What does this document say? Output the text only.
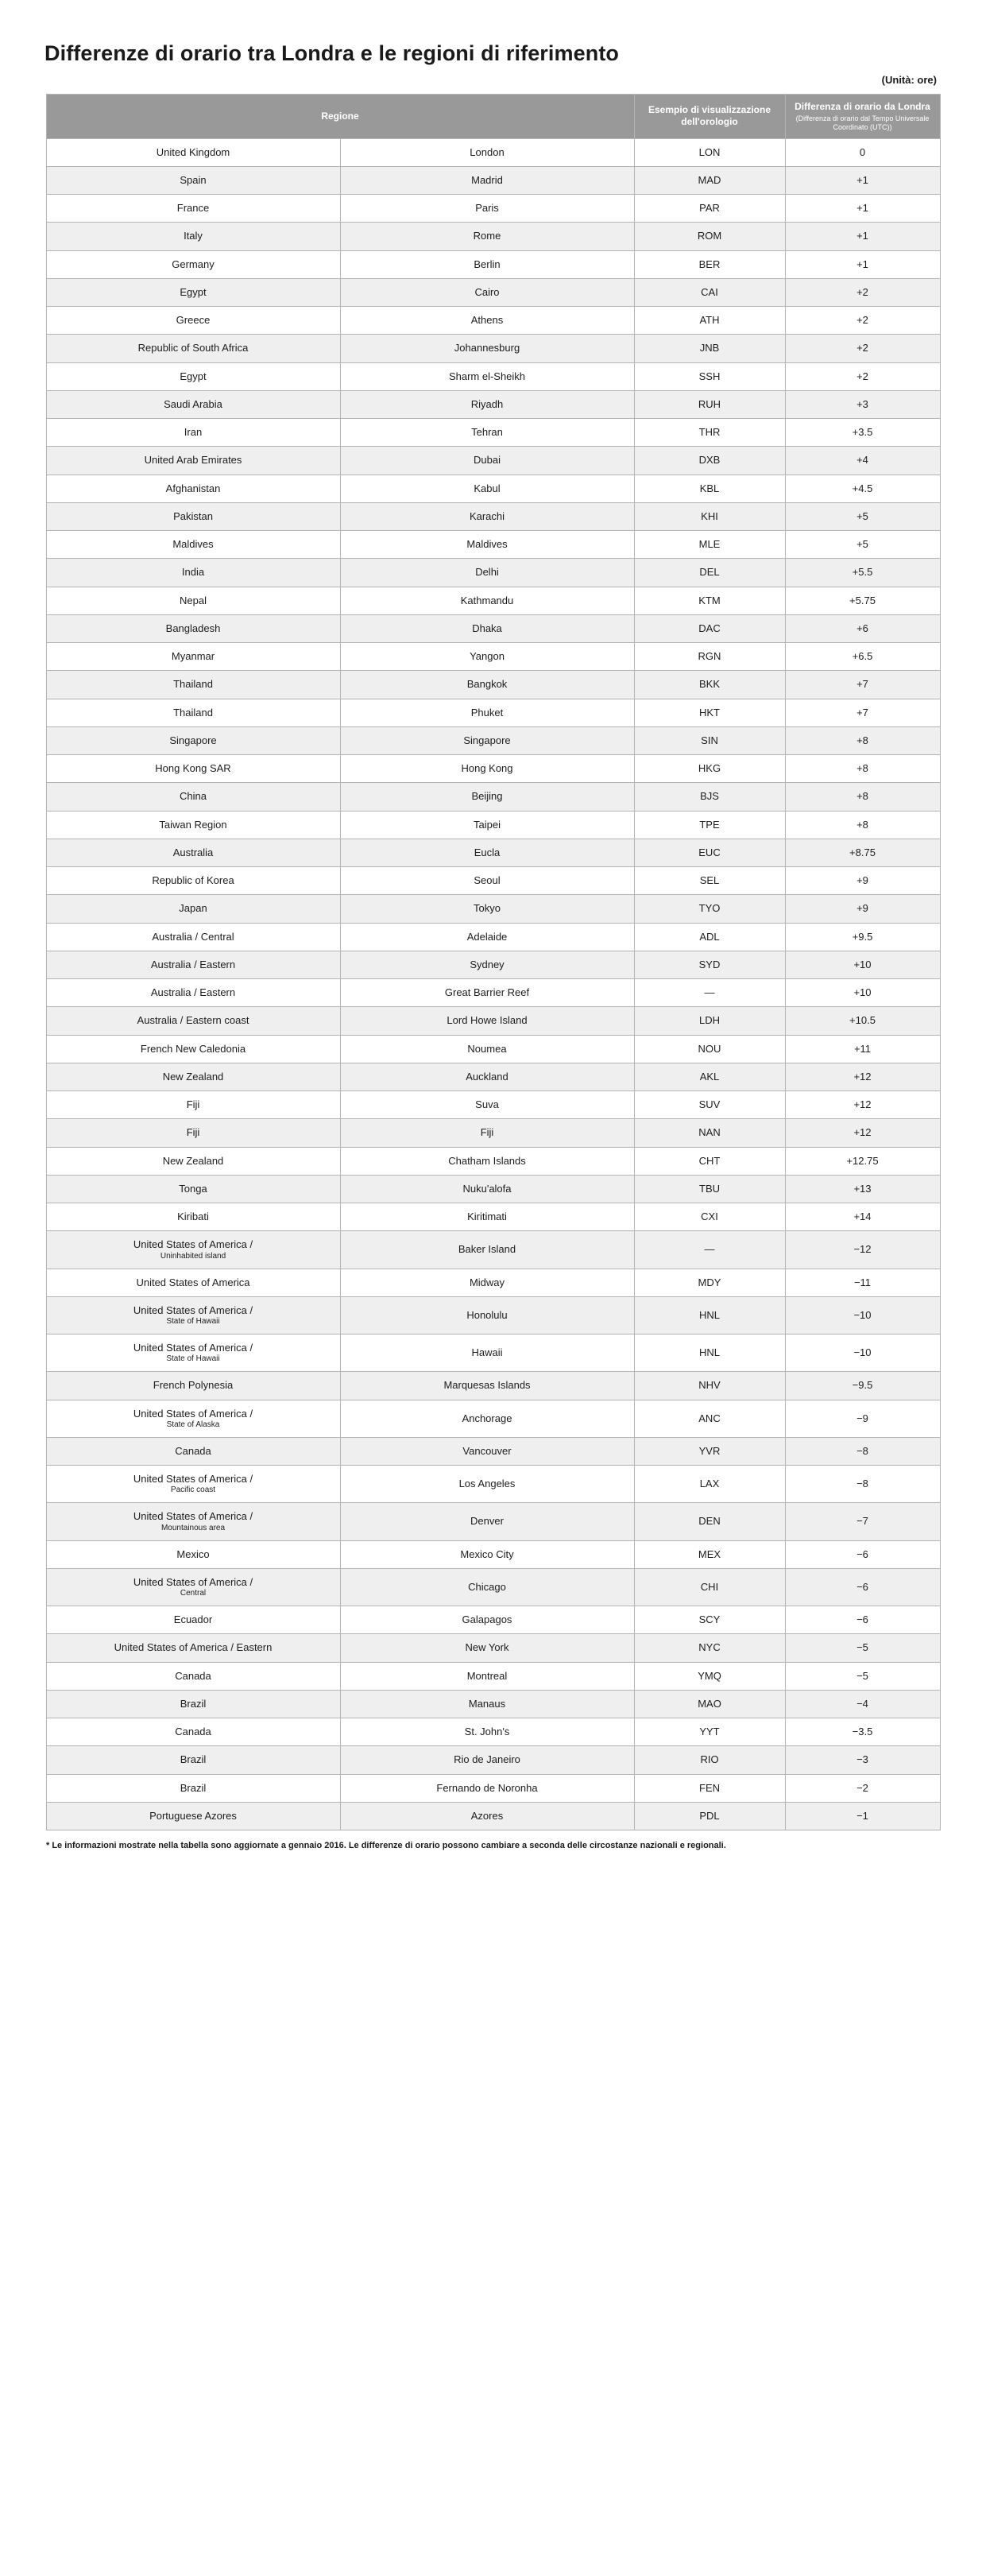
Differenze di orario tra Londra e le regioni di riferimento
(Unità: ore)
Regione		Esempio di visualizzazione dell'orologio	Differenza di orario da Londra
(Differenza di orario dal Tempo Universale Coordinato (UTC))

United Kingdom	London	LON	0
Spain	Madrid	MAD	+1
France	Paris	PAR	+1
Italy	Rome	ROM	+1
Germany	Berlin	BER	+1
Egypt	Cairo	CAI	+2
Greece	Athens	ATH	+2
Republic of South Africa	Johannesburg	JNB	+2
Egypt	Sharm el-Sheikh	SSH	+2
Saudi Arabia	Riyadh	RUH	+3
Iran	Tehran	THR	+3.5
United Arab Emirates	Dubai	DXB	+4
Afghanistan	Kabul	KBL	+4.5
Pakistan	Karachi	KHI	+5
Maldives	Maldives	MLE	+5
India	Delhi	DEL	+5.5
Nepal	Kathmandu	KTM	+5.75
Bangladesh	Dhaka	DAC	+6
Myanmar	Yangon	RGN	+6.5
Thailand	Bangkok	BKK	+7
Thailand	Phuket	HKT	+7
Singapore	Singapore	SIN	+8
Hong Kong SAR	Hong Kong	HKG	+8
China	Beijing	BJS	+8
Taiwan Region	Taipei	TPE	+8
Australia	Eucla	EUC	+8.75
Republic of Korea	Seoul	SEL	+9
Japan	Tokyo	TYO	+9
Australia / Central	Adelaide	ADL	+9.5
Australia / Eastern	Sydney	SYD	+10
Australia / Eastern	Great Barrier Reef	—	+10
Australia / Eastern coast	Lord Howe Island	LDH	+10.5
French New Caledonia	Noumea	NOU	+11
New Zealand	Auckland	AKL	+12
Fiji	Suva	SUV	+12
Fiji	Fiji	NAN	+12
New Zealand	Chatham Islands	CHT	+12.75
Tonga	Nuku'alofa	TBU	+13
Kiribati	Kiritimati	CXI	+14
United States of America /
Uninhabited island	Baker Island	—	−12
United States of America	Midway	MDY	−11
United States of America /
State of Hawaii	Honolulu	HNL	−10
United States of America /
State of Hawaii	Hawaii	HNL	−10
French Polynesia	Marquesas Islands	NHV	−9.5
United States of America /
State of Alaska	Anchorage	ANC	−9
Canada	Vancouver	YVR	−8
United States of America /
Pacific coast	Los Angeles	LAX	−8
United States of America /
Mountainous area	Denver	DEN	−7
Mexico	Mexico City	MEX	−6
United States of America /
Central	Chicago	CHI	−6
Ecuador	Galapagos	SCY	−6
United States of America / Eastern	New York	NYC	−5
Canada	Montreal	YMQ	−5
Brazil	Manaus	MAO	−4
Canada	St. John's	YYT	−3.5
Brazil	Rio de Janeiro	RIO	−3
Brazil	Fernando de Noronha	FEN	−2
Portuguese Azores	Azores	PDL	−1
* Le informazioni mostrate nella tabella sono aggiornate a gennaio 2016. Le differenze di orario possono cambiare a seconda delle circostanze nazionali e regionali.
